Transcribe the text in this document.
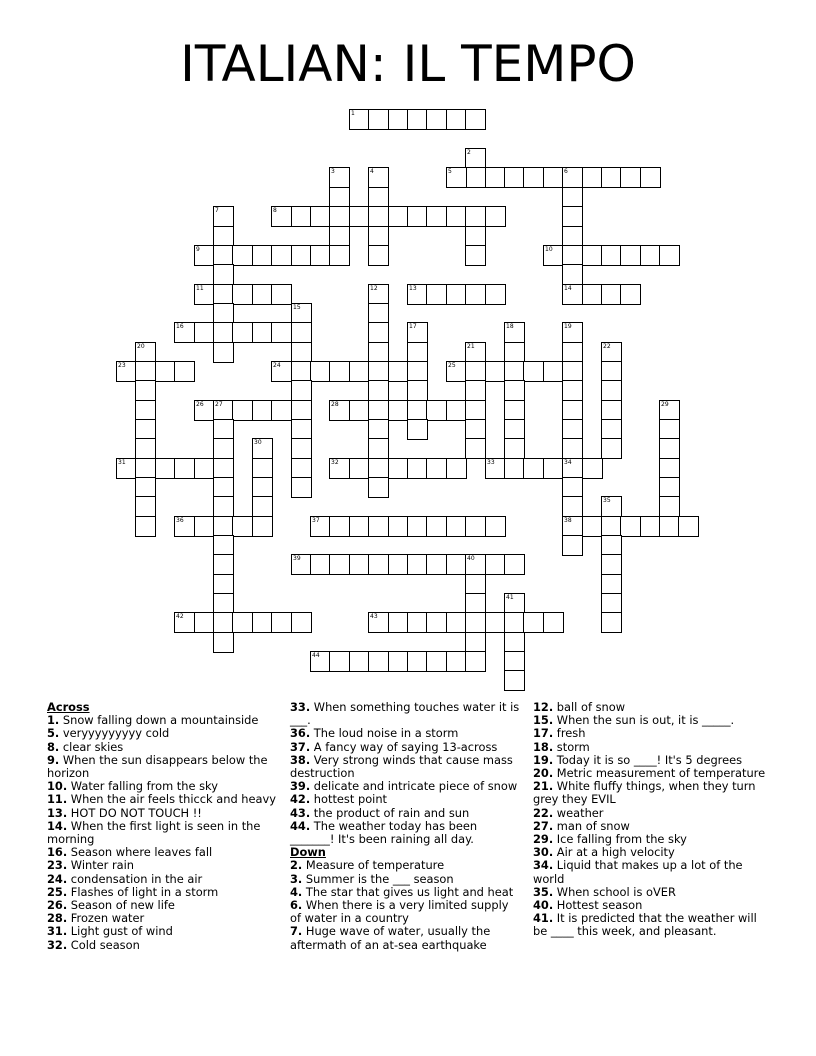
ITALIAN: IL TEMPO
1
2
3	4	5	6
7	8
9	10
11	12	13	14
15
16	17	18	19
21	22
20
23	24	25
26 27	28	29
30
31	32	33	34
35
36	37	38
39	40
41
42	43
44
Across
1. Snow falling down a mountainside
5. veryyyyyyyyy cold
8. clear skies
9. When the sun disappears below the horizon
10. Water falling from the sky
11. When the air feels thicck and heavy
13. HOT DO NOT TOUCH !!
14. When the first light is seen in the morning
16. Season where leaves fall
23. Winter rain
24. condensation in the air
25. Flashes of light in a storm
26. Season of new life
28. Frozen water
31. Light gust of wind
32. Cold season
33. When something touches water it is ___.
36. The loud noise in a storm
37. A fancy way of saying 13-across
38. Very strong winds that cause mass destruction
39. delicate and intricate piece of snow
42. hottest point
43. the product of rain and sun
44. The weather today has been _______! It's been raining all day.
Down
2. Measure of temperature
3. Summer is the ___ season
4. The star that gives us light and heat
6. When there is a very limited supply of water in a country
7. Huge wave of water, usually the aftermath of an at-sea earthquake
12. ball of snow
15. When the sun is out, it is _____.
17. fresh
18. storm
19. Today it is so ____! It's 5 degrees
20. Metric measurement of temperature
21. White fluffy things, when they turn grey they EVIL
22. weather
27. man of snow
29. Ice falling from the sky
30. Air at a high velocity
34. Liquid that makes up a lot of the world
35. When school is oVER
40. Hottest season
41. It is predicted that the weather will be ____ this week, and pleasant.
